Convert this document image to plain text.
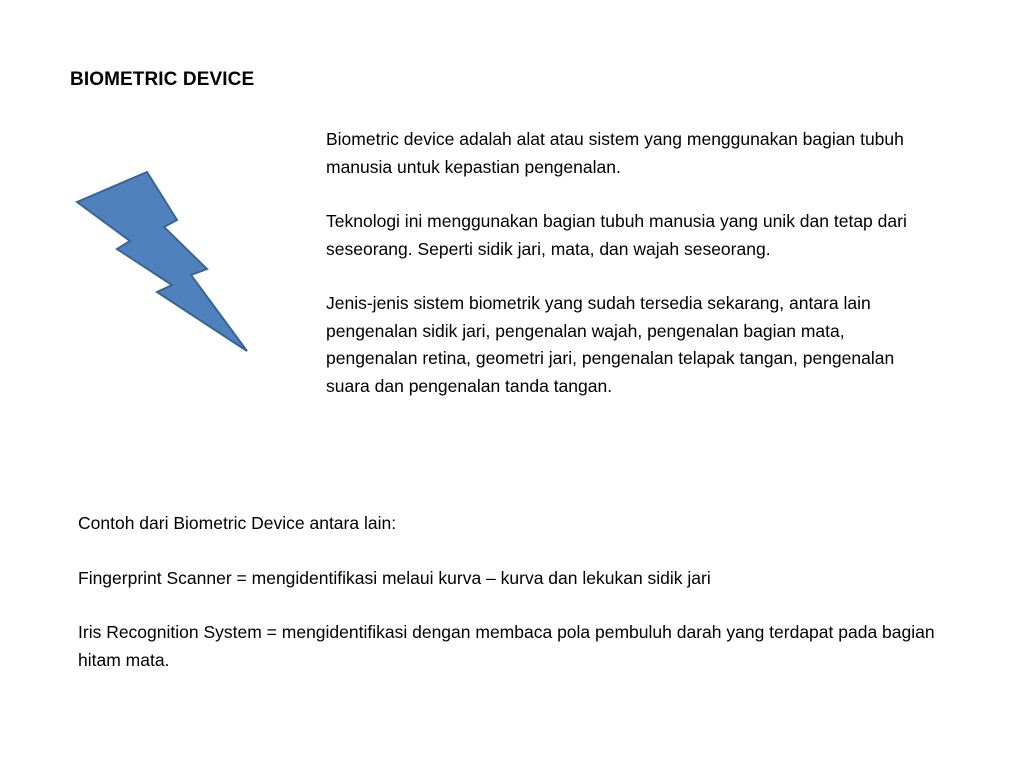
BIOMETRIC DEVICE

Biometric device adalah alat atau sistem yang menggunakan bagian tubuh manusia untuk kepastian pengenalan.

Teknologi ini menggunakan bagian tubuh manusia yang unik dan tetap dari seseorang. Seperti sidik jari, mata, dan wajah seseorang.

Jenis-jenis sistem biometrik yang sudah tersedia sekarang, antara lain pengenalan sidik jari, pengenalan wajah, pengenalan bagian mata, pengenalan retina, geometri jari, pengenalan telapak tangan, pengenalan suara dan pengenalan tanda tangan.

Contoh dari Biometric Device antara lain:

Fingerprint Scanner = mengidentifikasi melaui kurva – kurva dan lekukan sidik jari

Iris Recognition System = mengidentifikasi dengan membaca pola pembuluh darah yang terdapat pada bagian hitam mata.
